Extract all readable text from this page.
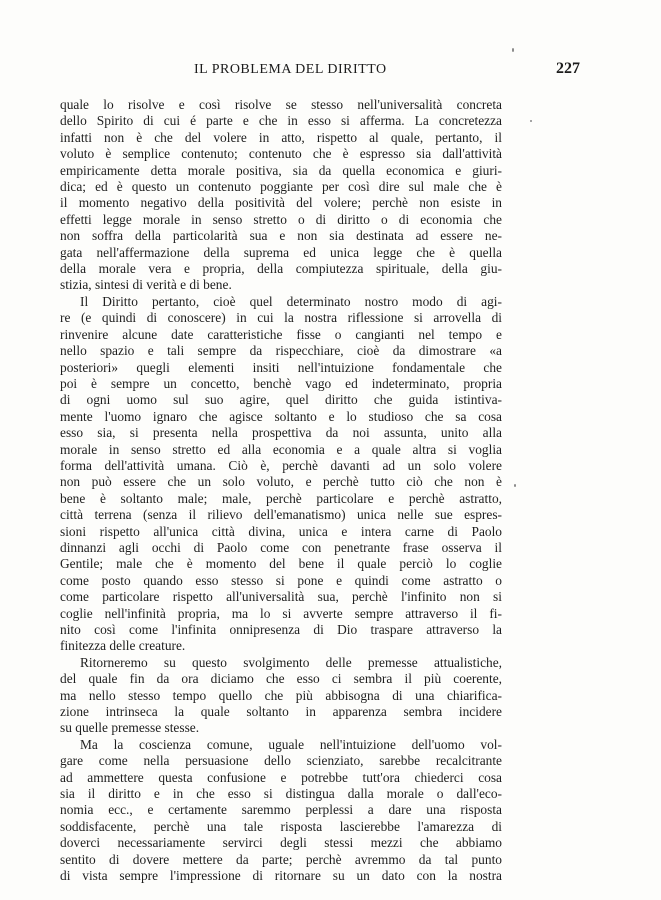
IL PROBLEMA DEL DIRITTO	227
quale lo risolve e così risolve se stesso nell'universalità concreta
dello Spirito di cui é parte e che in esso si afferma. La concretezza
infatti non è che del volere in atto, rispetto al quale, pertanto, il
voluto è semplice contenuto; contenuto che è espresso sia dall'attività
empiricamente detta morale positiva, sia da quella economica e giuri-
dica; ed è questo un contenuto poggiante per così dire sul male che è
il momento negativo della positività del volere; perchè non esiste in
effetti legge morale in senso stretto o di diritto o di economia che
non soffra della particolarità sua e non sia destinata ad essere ne-
gata nell'affermazione della suprema ed unica legge che è quella
della morale vera e propria, della compiutezza spirituale, della giu-
stizia, sintesi di verità e di bene.
Il Diritto pertanto, cioè quel determinato nostro modo di agi-
re (e quindi di conoscere) in cui la nostra riflessione si arrovella di
rinvenire alcune date caratteristiche fisse o cangianti nel tempo e
nello spazio e tali sempre da rispecchiare, cioè da dimostrare «a
posteriori» quegli elementi insiti nell'intuizione fondamentale che
poi è sempre un concetto, benchè vago ed indeterminato, propria
di ogni uomo sul suo agire, quel diritto che guida istintiva-
mente l'uomo ignaro che agisce soltanto e lo studioso che sa cosa
esso sia, si presenta nella prospettiva da noi assunta, unito alla
morale in senso stretto ed alla economia e a quale altra si voglia
forma dell'attività umana. Ciò è, perchè davanti ad un solo volere
non può essere che un solo voluto, e perchè tutto ciò che non è
bene è soltanto male; male, perchè particolare e perchè astratto,
città terrena (senza il rilievo dell'emanatismo) unica nelle sue espres-
sioni rispetto all'unica città divina, unica e intera carne di Paolo
dinnanzi agli occhi di Paolo come con penetrante frase osserva il
Gentile; male che è momento del bene il quale perciò lo coglie
come posto quando esso stesso si pone e quindi come astratto o
come particolare rispetto all'universalità sua, perchè l'infinito non si
coglie nell'infinità propria, ma lo si avverte sempre attraverso il fi-
nito così come l'infinita onnipresenza di Dio traspare attraverso la
finitezza delle creature.
Ritorneremo su questo svolgimento delle premesse attualistiche,
del quale fin da ora diciamo che esso ci sembra il più coerente,
ma nello stesso tempo quello che più abbisogna di una chiarifica-
zione intrinseca la quale soltanto in apparenza sembra incidere
su quelle premesse stesse.
Ma la coscienza comune, uguale nell'intuizione dell'uomo vol-
gare come nella persuasione dello scienziato, sarebbe recalcitrante
ad ammettere questa confusione e potrebbe tutt'ora chiederci cosa
sia il diritto e in che esso si distingua dalla morale o dall'eco-
nomia ecc., e certamente saremmo perplessi a dare una risposta
soddisfacente, perchè una tale risposta lascierebbe l'amarezza di
doverci necessariamente servirci degli stessi mezzi che abbiamo
sentito di dovere mettere da parte; perchè avremmo da tal punto
di vista sempre l'impressione di ritornare su un dato con la nostra
